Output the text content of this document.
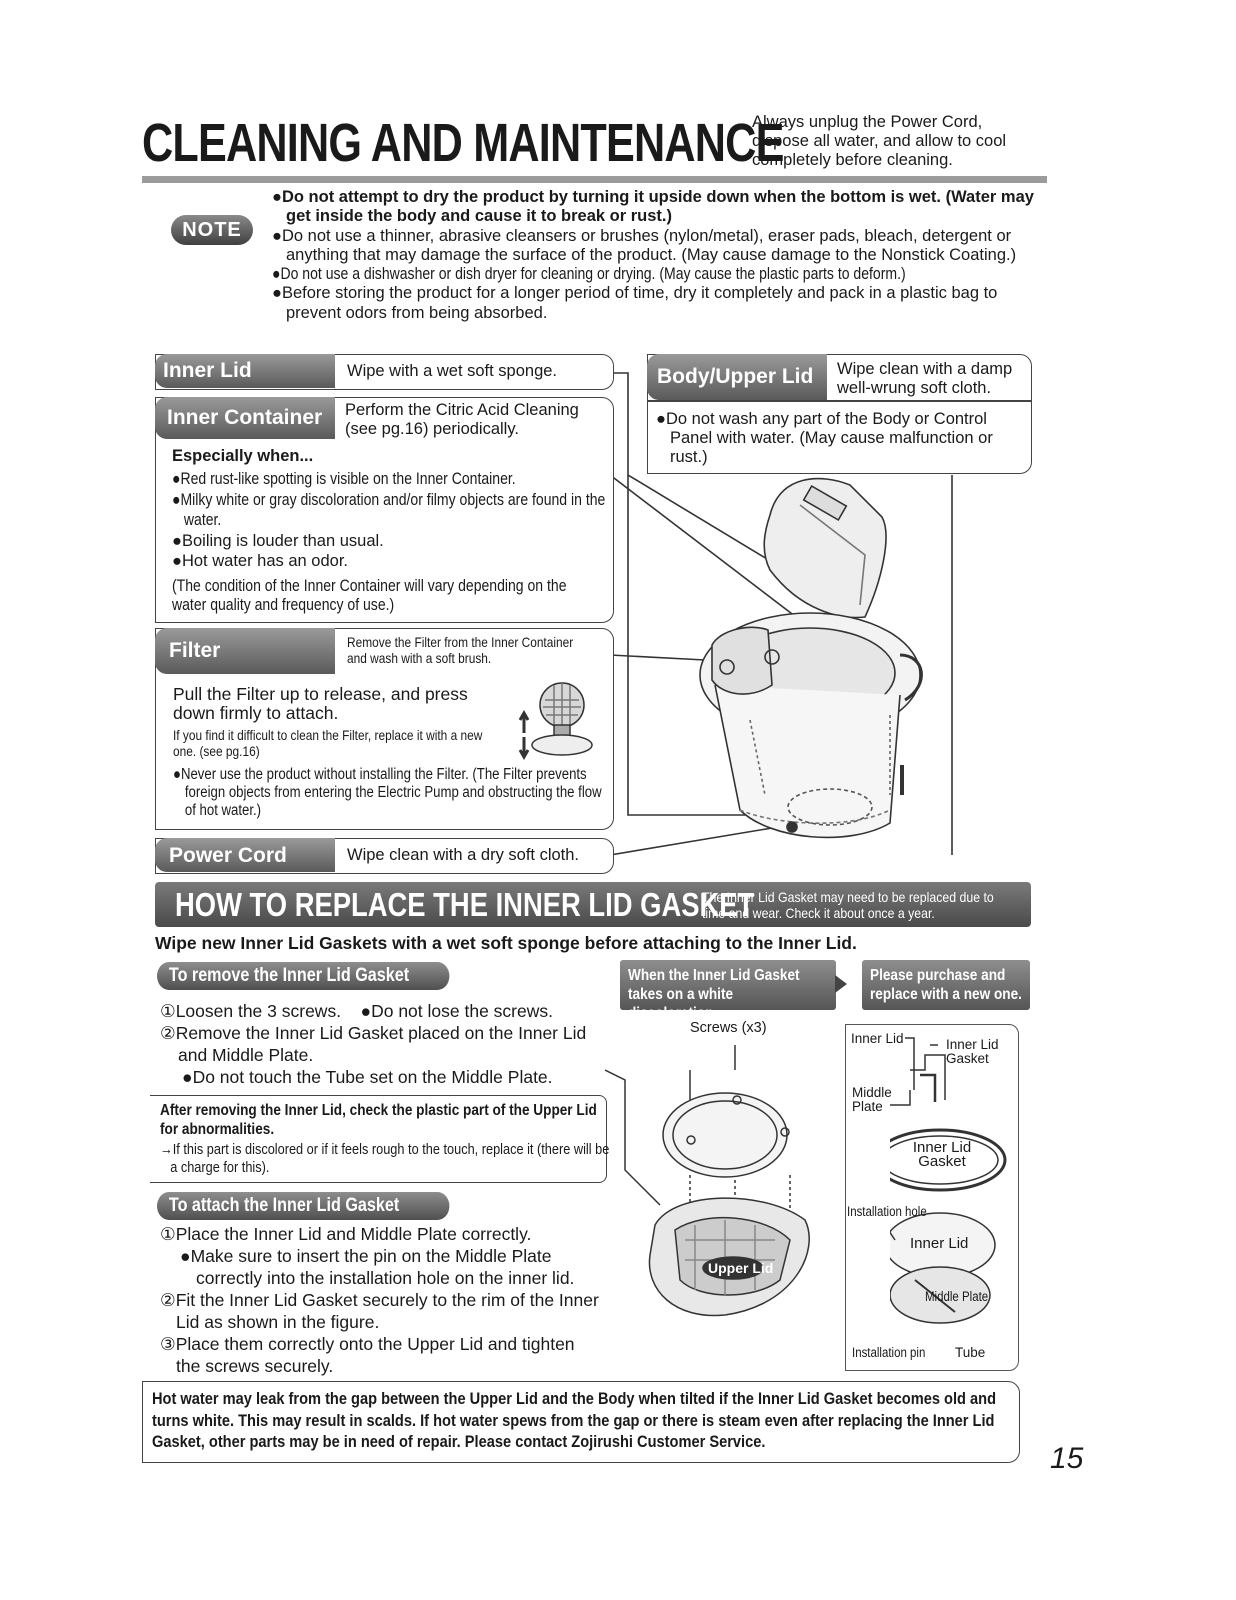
CLEANING AND MAINTENANCE
Always unplug the Power Cord,
dispose all water, and allow to cool
completely before cleaning.
NOTE

●Do not attempt to dry the product by turning it upside down when the bottom is wet. (Water may get inside the body and cause it to break or rust.)

●Do not use a thinner, abrasive cleansers or brushes (nylon/metal), eraser pads, bleach, detergent or anything that may damage the surface of the product. (May cause damage to the Nonstick Coating.)

●Do not use a dishwasher or dish dryer for cleaning or drying. (May cause the plastic parts to deform.)

●Before storing the product for a longer period of time, dry it completely and pack in a plastic bag to prevent odors from being absorbed.

Inner Lid	Wipe with a wet soft sponge.
Inner Container	Perform the Citric Acid Cleaning (see pg.16) periodically.
Especially when...

●Red rust-like spotting is visible on the Inner Container.

●Milky white or gray discoloration and/or filmy objects are found in the water.

●Boiling is louder than usual.

●Hot water has an odor.

(The condition of the Inner Container will vary depending on the water quality and frequency of use.)
Filter	Remove the Filter from the Inner Container and wash with a soft brush.
Pull the Filter up to release, and press down firmly to attach.
If you find it difficult to clean the Filter, replace it with a new one. (see pg.16)

●Never use the product without installing the Filter. (The Filter prevents foreign objects from entering the Electric Pump and obstructing the flow of hot water.)

Power Cord	Wipe clean with a dry soft cloth.
Body/Upper Lid	Wipe clean with a damp well-wrung soft cloth.

●Do not wash any part of the Body or Control Panel with water. (May cause malfunction or rust.)

HOW TO REPLACE THE INNER LID GASKET
The Inner Lid Gasket may need to be replaced due to time and wear. Check it about once a year.
Wipe new Inner Lid Gaskets with a wet soft sponge before attaching to the Inner Lid.
To remove the Inner Lid Gasket
①Loosen the 3 screws. ●Do not lose the screws.
②Remove the Inner Lid Gasket placed on the Inner Lid and Middle Plate.
●Do not touch the Tube set on the Middle Plate.
After removing the Inner Lid, check the plastic part of the Upper Lid for abnormalities.
→If this part is discolored or if it feels rough to the touch, replace it (there will be a charge for this).
To attach the Inner Lid Gasket
①Place the Inner Lid and Middle Plate correctly.
●Make sure to insert the pin on the Middle Plate correctly into the installation hole on the inner lid.
②Fit the Inner Lid Gasket securely to the rim of the Inner Lid as shown in the figure.
③Place them correctly onto the Upper Lid and tighten the screws securely.
When the Inner Lid Gasket takes on a white discoloration.
Please purchase and replace with a new one.
Screws (x3)
Upper Lid
Inner Lid	Inner Lid Gasket
Middle Plate
Inner Lid Gasket
Installation hole
Inner Lid
Middle Plate
Installation pin	Tube
Hot water may leak from the gap between the Upper Lid and the Body when tilted if the Inner Lid Gasket becomes old and turns white. This may result in scalds. If hot water spews from the gap or there is steam even after replacing the Inner Lid Gasket, other parts may be in need of repair. Please contact Zojirushi Customer Service.
15
